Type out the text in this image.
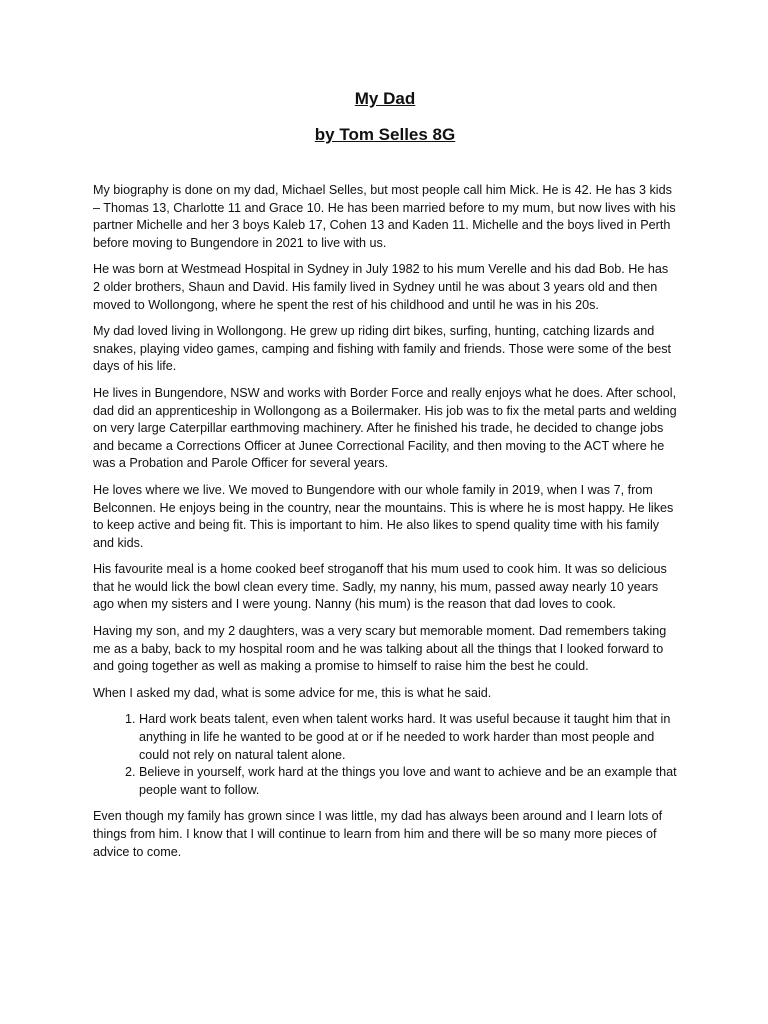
My Dad
by Tom Selles 8G

My biography is done on my dad, Michael Selles, but most people call him Mick. He is 42. He has 3 kids – Thomas 13, Charlotte 11 and Grace 10. He has been married before to my mum, but now lives with his partner Michelle and her 3 boys Kaleb 17, Cohen 13 and Kaden 11. Michelle and the boys lived in Perth before moving to Bungendore in 2021 to live with us.

He was born at Westmead Hospital in Sydney in July 1982 to his mum Verelle and his dad Bob. He has 2 older brothers, Shaun and David. His family lived in Sydney until he was about 3 years old and then moved to Wollongong, where he spent the rest of his childhood and until he was in his 20s.

My dad loved living in Wollongong. He grew up riding dirt bikes, surfing, hunting, catching lizards and snakes, playing video games, camping and fishing with family and friends. Those were some of the best days of his life.

He lives in Bungendore, NSW and works with Border Force and really enjoys what he does. After school, dad did an apprenticeship in Wollongong as a Boilermaker. His job was to fix the metal parts and welding on very large Caterpillar earthmoving machinery. After he finished his trade, he decided to change jobs and became a Corrections Officer at Junee Correctional Facility, and then moving to the ACT where he was a Probation and Parole Officer for several years.

He loves where we live. We moved to Bungendore with our whole family in 2019, when I was 7, from Belconnen. He enjoys being in the country, near the mountains. This is where he is most happy. He likes to keep active and being fit. This is important to him. He also likes to spend quality time with his family and kids.

His favourite meal is a home cooked beef stroganoff that his mum used to cook him. It was so delicious that he would lick the bowl clean every time. Sadly, my nanny, his mum, passed away nearly 10 years ago when my sisters and I were young. Nanny (his mum) is the reason that dad loves to cook.

Having my son, and my 2 daughters, was a very scary but memorable moment. Dad remembers taking me as a baby, back to my hospital room and he was talking about all the things that I looked forward to and going together as well as making a promise to himself to raise him the best he could.

When I asked my dad, what is some advice for me, this is what he said.

1. Hard work beats talent, even when talent works hard. It was useful because it taught him that in anything in life he wanted to be good at or if he needed to work harder than most people and could not rely on natural talent alone.
2. Believe in yourself, work hard at the things you love and want to achieve and be an example that people want to follow.

Even though my family has grown since I was little, my dad has always been around and I learn lots of things from him. I know that I will continue to learn from him and there will be so many more pieces of advice to come.
